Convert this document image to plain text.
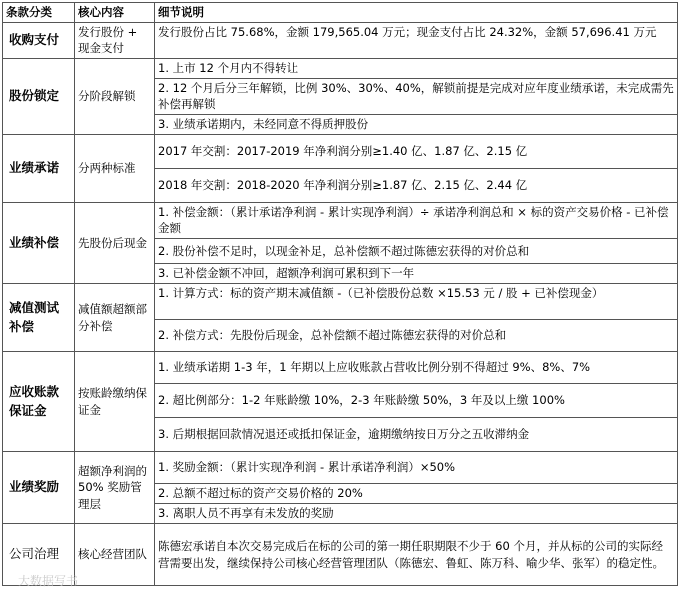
条款分类	核心内容	细节说明
收购支付	发行股份 + 现金支付	发行股份占比 75.68%，金额 179,565.04 万元；现金支付占比 24.32%，金额 57,696.41 万元
股份锁定	分阶段解锁	1. 上市 12 个月内不得转让
		2. 12 个月后分三年解锁，比例 30%、30%、40%，解锁前提是完成对应年度业绩承诺，未完成需先补偿再解锁
		3. 业绩承诺期内，未经同意不得质押股份
业绩承诺	分两种标准	2017 年交割：2017-2019 年净利润分别≥1.40 亿、1.87 亿、2.15 亿
		2018 年交割：2018-2020 年净利润分别≥1.87 亿、2.15 亿、2.44 亿
业绩补偿	先股份后现金	1. 补偿金额：（累计承诺净利润 - 累计实现净利润）÷ 承诺净利润总和 × 标的资产交易价格 - 已补偿金额
		2. 股份补偿不足时，以现金补足，总补偿额不超过陈德宏获得的对价总和
		3. 已补偿金额不冲回，超额净利润可累积到下一年
减值测试补偿	减值额超额部分补偿	1. 计算方式：标的资产期末减值额 -（已补偿股份总数 ×15.53 元 / 股 + 已补偿现金）
		2. 补偿方式：先股份后现金，总补偿额不超过陈德宏获得的对价总和
应收账款保证金	按账龄缴纳保证金	1. 业绩承诺期 1-3 年，1 年期以上应收账款占营收比例分别不得超过 9%、8%、7%
		2. 超比例部分：1-2 年账龄缴 10%，2-3 年账龄缴 50%，3 年及以上缴 100%
		3. 后期根据回款情况退还或抵扣保证金，逾期缴纳按日万分之五收滞纳金
业绩奖励	超额净利润的 50% 奖励管理层	1. 奖励金额：（累计实现净利润 - 累计承诺净利润）×50%
		2. 总额不超过标的资产交易价格的 20%
		3. 离职人员不再享有未发放的奖励
公司治理	核心经营团队	陈德宏承诺自本次交易完成后在标的公司的第一期任职期限不少于 60 个月，并从标的公司的实际经营需要出发，继续保持公司核心经营管理团队（陈德宏、鲁虹、陈万科、喻少华、张军）的稳定性。
大数据写书
